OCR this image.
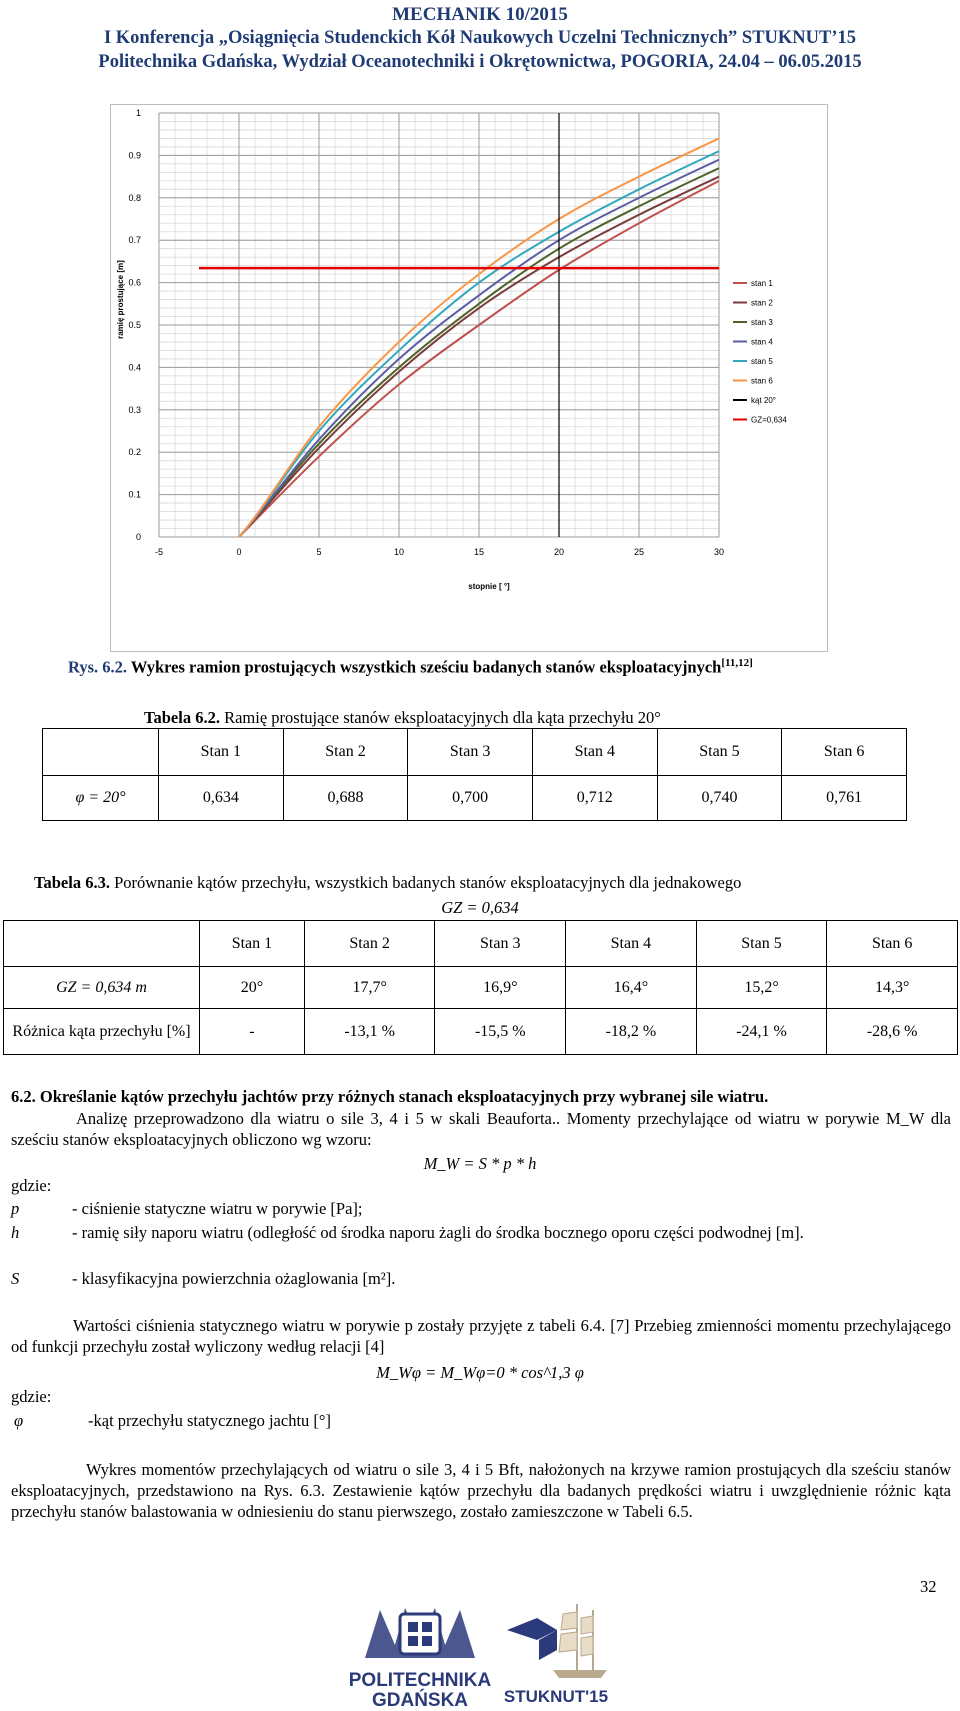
MECHANIK 10/2015
I Konferencja „Osiągnięcia Studenckich Kół Naukowych Uczelni Technicznych” STUKNUT’15
Politechnika Gdańska, Wydział Oceanotechniki i Okrętownictwa, POGORIA, 24.04 – 06.05.2015
-5	0	5	10	15	20	25	30
0
0.1
0.2
0.3
0.4
0.5
0.6
0.7
0.8
0.9
1
stopnie [ °]
ramię prostujące [m]	stan 1
stan 2
stan 3
stan 4
stan 5
stan 6
kąt 20°
GZ=0,634
Rys. 6.2. Wykres ramion prostujących wszystkich sześciu badanych stanów eksploatacyjnych[11,12]
Tabela 6.2. Ramię prostujące stanów eksploatacyjnych dla kąta przechyłu 20°
	Stan 1	Stan 2	Stan 3	Stan 4	Stan 5	Stan 6
φ = 20°	0,634	0,688	0,700	0,712	0,740	0,761
Tabela 6.3. Porównanie kątów przechyłu, wszystkich badanych stanów eksploatacyjnych dla jednakowego
GZ = 0,634
	Stan 1	Stan 2	Stan 3	Stan 4	Stan 5	Stan 6
GZ = 0,634 m	20°	17,7°	16,9°	16,4°	15,2°	14,3°
Różnica kąta przechyłu [%]	-	-13,1 %	-15,5 %	-18,2 %	-24,1 %	-28,6 %
6.2. Określanie kątów przechyłu jachtów przy różnych stanach eksploatacyjnych przy wybranej sile wiatru.
Analizę przeprowadzono dla wiatru o sile 3, 4 i 5 w skali Beauforta.. Momenty przechylające od wiatru w porywie M_W dla sześciu stanów eksploatacyjnych obliczono wg wzoru:
M_W = S * p * h
gdzie:
p	- ciśnienie statyczne wiatru w porywie [Pa];
h	- ramię siły naporu wiatru (odległość od środka naporu żagli do środka bocznego oporu części podwodnej [m].
S	- klasyfikacyjna powierzchnia ożaglowania [m²].
Wartości ciśnienia statycznego wiatru w porywie p zostały przyjęte z tabeli 6.4. [7] Przebieg zmienności momentu przechylającego od funkcji przechyłu został wyliczony według relacji [4]
M_Wφ = M_Wφ=0 * cos^1,3 φ
gdzie:
φ	-kąt przechyłu statycznego jachtu [°]
Wykres momentów przechylających od wiatru o sile 3, 4 i 5 Bft, nałożonych na krzywe ramion prostujących dla sześciu stanów eksploatacyjnych, przedstawiono na Rys. 6.3. Zestawienie kątów przechyłu dla badanych prędkości wiatru i uwzględnienie różnic kąta przechyłu stanów balastowania w odniesieniu do stanu pierwszego, zostało zamieszczone w Tabeli 6.5.
32
POLITECHNIKA
GDAŃSKA	STUKNUT'15
